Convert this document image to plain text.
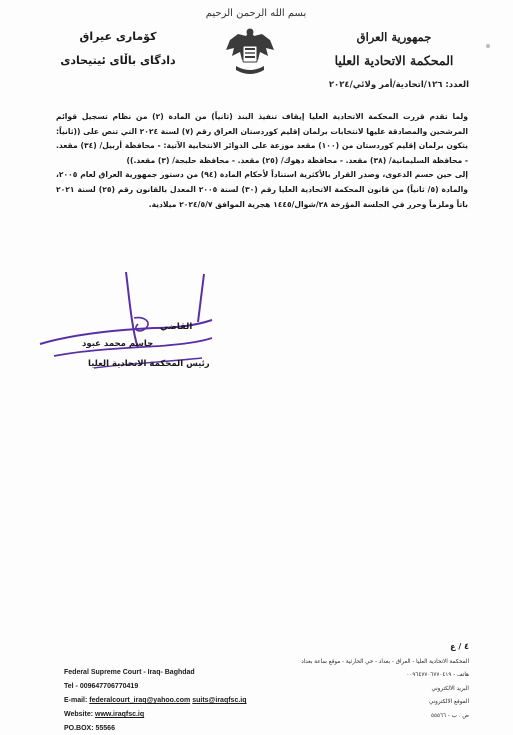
بسم الله الرحمن الرحيم
جمهورية العراق
المحكمة الاتحادية العليا
كۆماری عیراق
دادگای باڵای ئیتیحادی
العدد: ١٢٦/اتحادية/أمر ولائي/٢٠٢٤

ولما تقدم قررت المحكمة الاتحادية العليا إيقاف تنفيذ البند (ثانياً) من المادة (٢) من نظام تسجيل قوائم المرشحين والمصادقة عليها لانتخابات برلمان إقليم كوردستان العراق رقم (٧) لسنة ٢٠٢٤ التي تنص على ((ثانياً: يتكون برلمان إقليم كوردستان من (١٠٠) مقعد موزعة على الدوائر الانتخابية الآتية: - محافظة أربيل/ (٣٤) مقعد. - محافظة السليمانية/ (٣٨) مقعد. - محافظة دهوك/ (٢٥) مقعد. - محافظة حلبجة/ (٣) مقعد.))

إلى حين حسم الدعوى، وصدر القرار بالأكثرية استناداً لأحكام المادة (٩٤) من دستور جمهورية العراق لعام ٢٠٠٥، والمادة (٥/ ثانياً) من قانون المحكمة الاتحادية العليا رقم (٣٠) لسنة ٢٠٠٥ المعدل بالقانون رقم (٢٥) لسنة ٢٠٢١ باتاً وملزماً وحرر في الجلسة المؤرخة ٢٨/شوال/١٤٤٥ هجرية الموافق ٢٠٢٤/٥/٧ ميلادية.

القاضي
جاسم محمد عبود
رئيس المحكمة الاتحادية العليا
٤ / ع
Federal Supreme Court - Iraq- Baghdad
Tel - 009647706770419
E-mail: federalcourt_iraq@yahoo.com suits@iraqfsc.iq
Website: www.iraqfsc.iq
PO.BOX: 55566
المحكمة الاتحادية العليا - العراق - بغداد - حي الحارثية - موقع ساعة بغداد
هاتف - ٠٠٩٦٤٧٧٠٦٧٧٠٤١٩
البريد الالكتروني
الموقع الالكتروني
ص . ب - ٥٥٥٦٦
